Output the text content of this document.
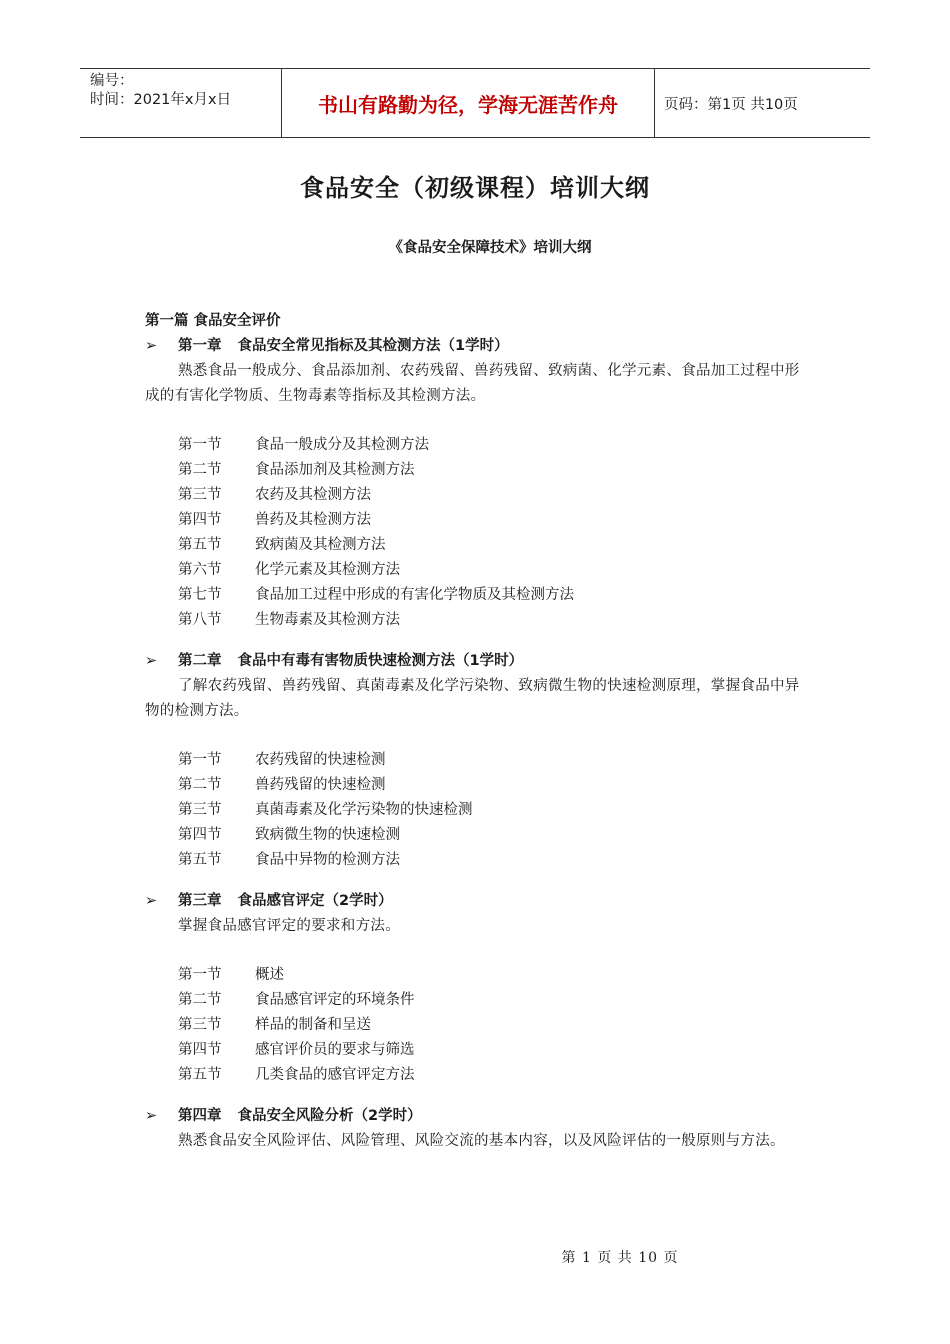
编号：
时间：2021年x月x日	书山有路勤为径，学海无涯苦作舟	页码：第1页 共10页
食品安全（初级课程）培训大纲
《食品安全保障技术》培训大纲
第一篇 食品安全评价
➢	第一章 食品安全常见指标及其检测方法（1学时）
熟悉食品一般成分、食品添加剂、农药残留、兽药残留、致病菌、化学元素、食品加工过程中形成的有害化学物质、生物毒素等指标及其检测方法。
第一节	食品一般成分及其检测方法
第二节	食品添加剂及其检测方法
第三节	农药及其检测方法
第四节	兽药及其检测方法
第五节	致病菌及其检测方法
第六节	化学元素及其检测方法
第七节	食品加工过程中形成的有害化学物质及其检测方法
第八节	生物毒素及其检测方法
➢	第二章 食品中有毒有害物质快速检测方法（1学时）
了解农药残留、兽药残留、真菌毒素及化学污染物、致病微生物的快速检测原理，掌握食品中异物的检测方法。
第一节	农药残留的快速检测
第二节	兽药残留的快速检测
第三节	真菌毒素及化学污染物的快速检测
第四节	致病微生物的快速检测
第五节	食品中异物的检测方法
➢	第三章 食品感官评定（2学时）
掌握食品感官评定的要求和方法。
第一节	概述
第二节	食品感官评定的环境条件
第三节	样品的制备和呈送
第四节	感官评价员的要求与筛选
第五节	几类食品的感官评定方法
➢	第四章 食品安全风险分析（2学时）
熟悉食品安全风险评估、风险管理、风险交流的基本内容，以及风险评估的一般原则与方法。
第 1 页 共 10 页
